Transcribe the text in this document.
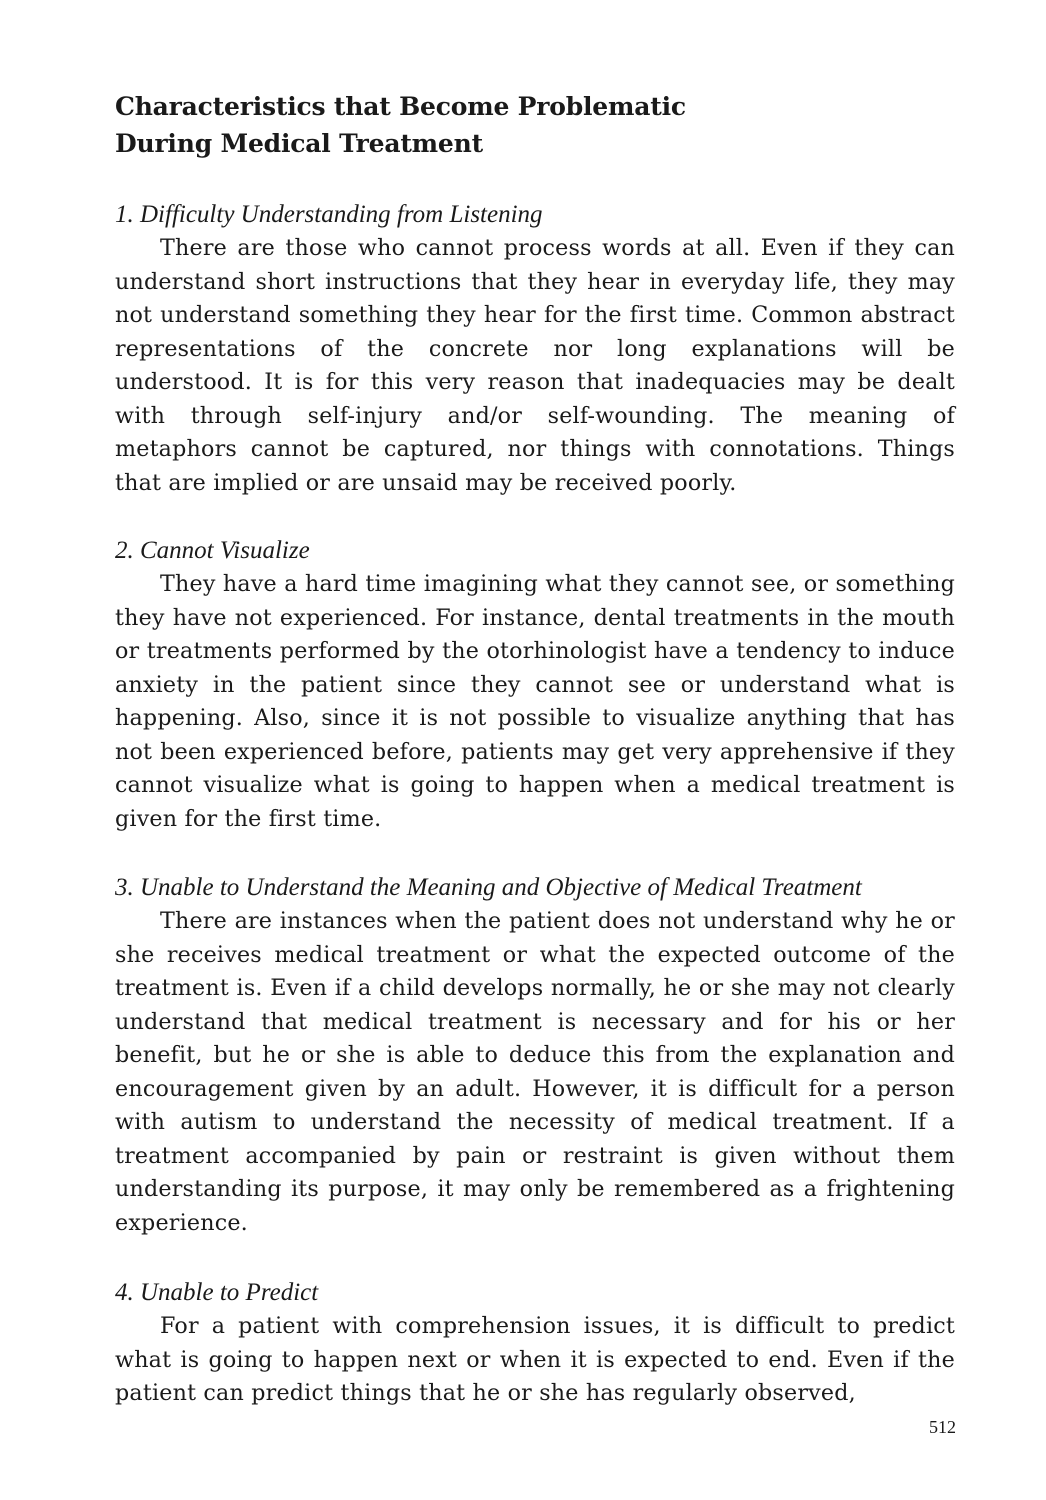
Characteristics that Become Problematic
During Medical Treatment

1. Difficulty Understanding from Listening

There are those who cannot process words at all. Even if they can understand short instructions that they hear in everyday life, they may not understand something they hear for the first time. Common abstract representations of the concrete nor long explanations will be understood. It is for this very reason that inadequacies may be dealt with through self-injury and/or self-wounding. The meaning of metaphors cannot be captured, nor things with connotations. Things that are implied or are unsaid may be received poorly.

2. Cannot Visualize

They have a hard time imagining what they cannot see, or something they have not experienced. For instance, dental treatments in the mouth or treatments performed by the otorhinologist have a tendency to induce anxiety in the patient since they cannot see or understand what is happening. Also, since it is not possible to visualize anything that has not been experienced before, patients may get very apprehensive if they cannot visualize what is going to happen when a medical treatment is given for the first time.

3. Unable to Understand the Meaning and Objective of Medical Treatment

There are instances when the patient does not understand why he or she receives medical treatment or what the expected outcome of the treatment is. Even if a child develops normally, he or she may not clearly understand that medical treatment is necessary and for his or her benefit, but he or she is able to deduce this from the explanation and encouragement given by an adult. However, it is difficult for a person with autism to understand the necessity of medical treatment. If a treatment accompanied by pain or restraint is given without them understanding its purpose, it may only be remembered as a frightening experience.

4. Unable to Predict

For a patient with comprehension issues, it is difficult to predict what is going to happen next or when it is expected to end. Even if the patient can predict things that he or she has regularly observed,

512
